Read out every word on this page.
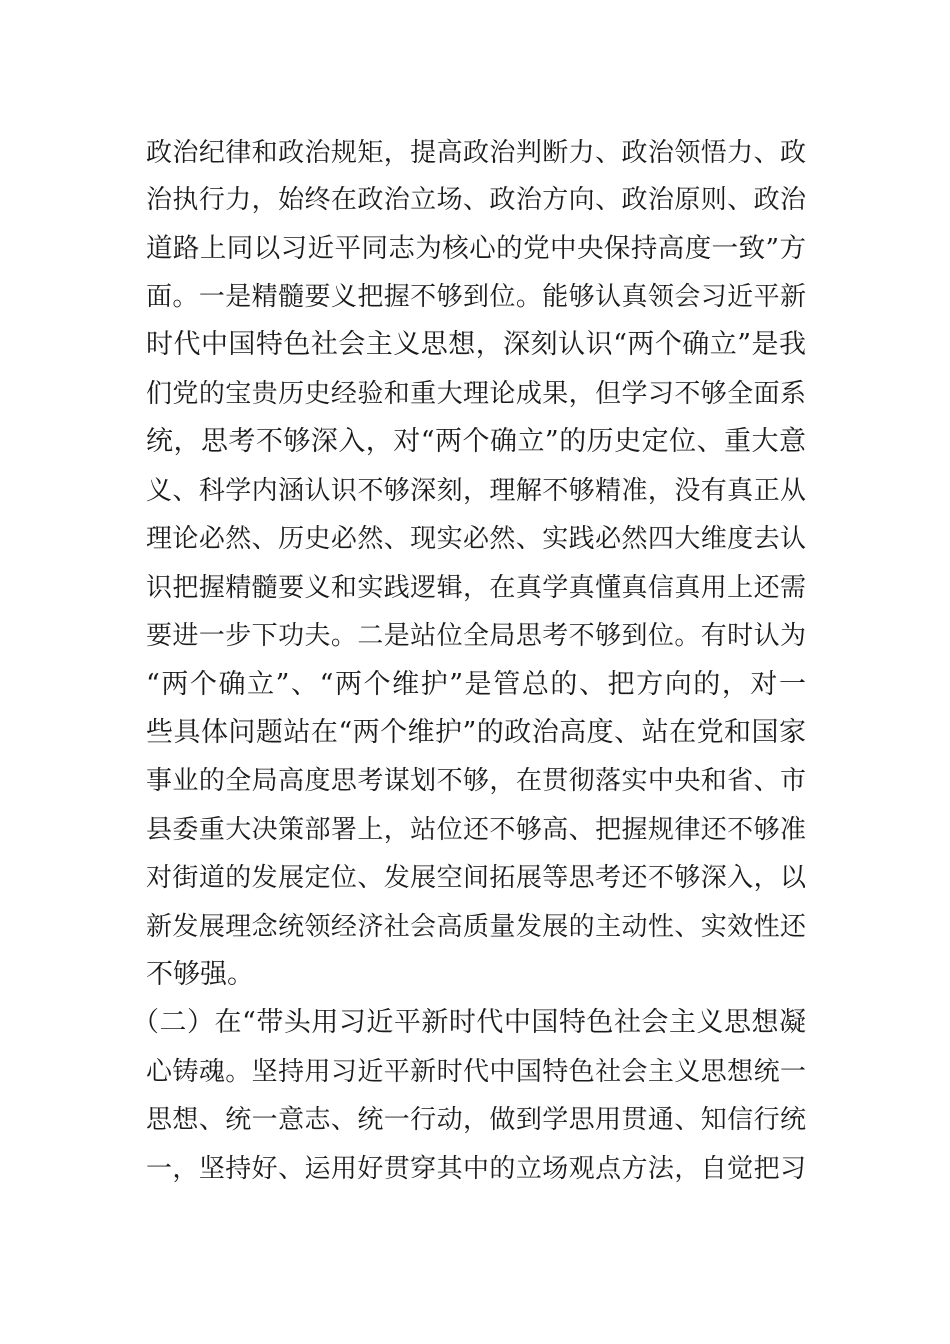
政治纪律和政治规矩，提高政治判断力、政治领悟力、政
治执行力，始终在政治立场、政治方向、政治原则、政治
道路上同以习近平同志为核心的党中央保持高度一致”方
面。一是精髓要义把握不够到位。能够认真领会习近平新
时代中国特色社会主义思想，深刻认识“两个确立”是我
们党的宝贵历史经验和重大理论成果，但学习不够全面系
统，思考不够深入，对“两个确立”的历史定位、重大意
义、科学内涵认识不够深刻，理解不够精准，没有真正从
理论必然、历史必然、现实必然、实践必然四大维度去认
识把握精髓要义和实践逻辑，在真学真懂真信真用上还需
要进一步下功夫。二是站位全局思考不够到位。有时认为
“两个确立”、“两个维护”是管总的、把方向的，对一
些具体问题站在“两个维护”的政治高度、站在党和国家
事业的全局高度思考谋划不够，在贯彻落实中央和省、市
县委重大决策部署上，站位还不够高、把握规律还不够准
对街道的发展定位、发展空间拓展等思考还不够深入，以
新发展理念统领经济社会高质量发展的主动性、实效性还
不够强。
（二）在“带头用习近平新时代中国特色社会主义思想凝
心铸魂。坚持用习近平新时代中国特色社会主义思想统一
思想、统一意志、统一行动，做到学思用贯通、知信行统
一，坚持好、运用好贯穿其中的立场观点方法，自觉把习
